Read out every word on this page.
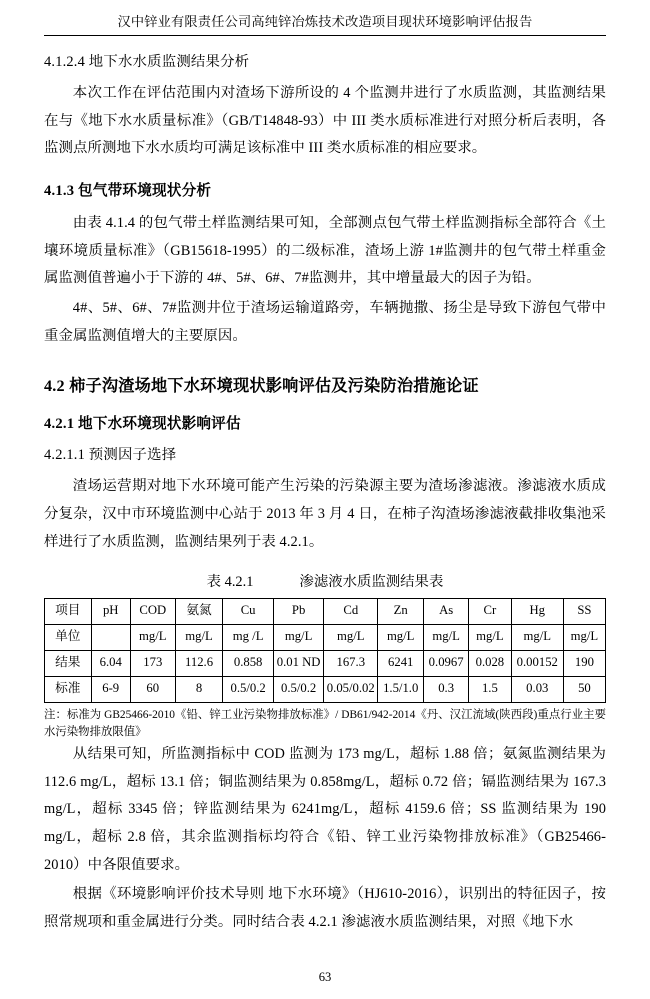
汉中锌业有限责任公司高纯锌冶炼技术改造项目现状环境影响评估报告
4.1.2.4 地下水水质监测结果分析

本次工作在评估范围内对渣场下游所设的 4 个监测井进行了水质监测，其监测结果在与《地下水水质量标准》（GB/T14848-93）中 III 类水质标准进行对照分析后表明，各监测点所测地下水水质均可满足该标准中 III 类水质标准的相应要求。

4.1.3 包气带环境现状分析

由表 4.1.4 的包气带土样监测结果可知，全部测点包气带土样监测指标全部符合《土壤环境质量标准》（GB15618-1995）的二级标准，渣场上游 1#监测井的包气带土样重金属监测值普遍小于下游的 4#、5#、6#、7#监测井，其中增量最大的因子为铅。

4#、5#、6#、7#监测井位于渣场运输道路旁，车辆抛撒、扬尘是导致下游包气带中重金属监测值增大的主要原因。

4.2 柿子沟渣场地下水环境现状影响评估及污染防治措施论证
4.2.1 地下水环境现状影响评估
4.2.1.1 预测因子选择

渣场运营期对地下水环境可能产生污染的污染源主要为渣场渗滤液。渗滤液水质成分复杂，汉中市环境监测中心站于 2013 年 3 月 4 日，在柿子沟渣场渗滤液截排收集池采样进行了水质监测，监测结果列于表 4.2.1。

表 4.2.1	渗滤液水质监测结果表
项目	pH	COD	氨氮	Cu	Pb	Cd	Zn	As	Cr	Hg	SS
单位		mg/L	mg/L	mg /L	mg/L	mg/L	mg/L	mg/L	mg/L	mg/L	mg/L
结果	6.04	173	112.6	0.858	0.01 ND	167.3	6241	0.0967	0.028	0.00152	190
标准	6-9	60	8	0.5/0.2	0.5/0.2	0.05/0.02	1.5/1.0	0.3	1.5	0.03	50

注：标准为 GB25466-2010《铅、锌工业污染物排放标准》/ DB61/942-2014《丹、汉江流域(陕西段)重点行业主要水污染物排放限值》

从结果可知，所监测指标中 COD 监测为 173 mg/L，超标 1.88 倍；氨氮监测结果为 112.6 mg/L，超标 13.1 倍；铜监测结果为 0.858mg/L，超标 0.72 倍；镉监测结果为 167.3 mg/L，超标 3345 倍；锌监测结果为 6241mg/L，超标 4159.6 倍；SS 监测结果为 190 mg/L，超标 2.8 倍，其余监测指标均符合《铅、锌工业污染物排放标准》（GB25466-2010）中各限值要求。

根据《环境影响评价技术导则 地下水环境》（HJ610-2016），识别出的特征因子，按照常规项和重金属进行分类。同时结合表 4.2.1 渗滤液水质监测结果，对照《地下水

63
